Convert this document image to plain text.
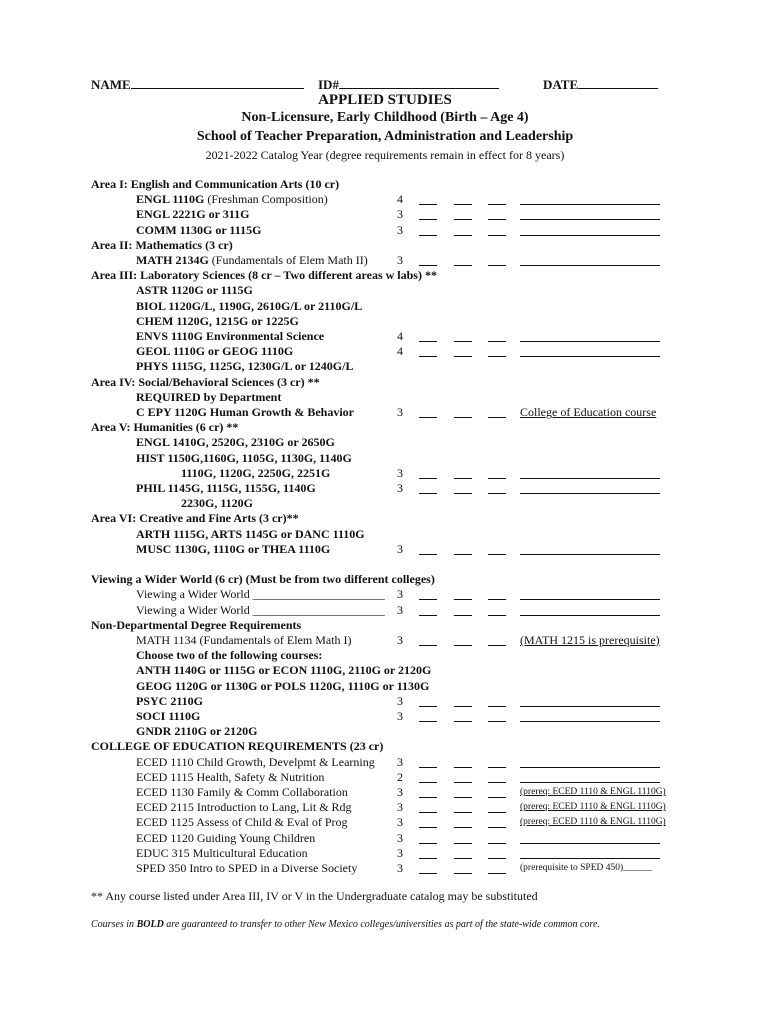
NAME	ID#	DATE
APPLIED STUDIES
Non-Licensure, Early Childhood (Birth – Age 4)
School of Teacher Preparation, Administration and Leadership
2021-2022 Catalog Year (degree requirements remain in effect for 8 years)
Area I: English and Communication Arts (10 cr)
ENGL 1110G (Freshman Composition)	4
ENGL 2221G or 311G	3
COMM 1130G or 1115G	3
Area II: Mathematics (3 cr)
MATH 2134G (Fundamentals of Elem Math II) 3
Area III: Laboratory Sciences (8 cr – Two different areas w labs) **
ASTR 1120G or 1115G
BIOL 1120G/L, 1190G, 2610G/L or 2110G/L
CHEM 1120G, 1215G or 1225G
ENVS 1110G Environmental Science	4
GEOL 1110G or GEOG 1110G	4
PHYS 1115G, 1125G, 1230G/L or 1240G/L
Area IV: Social/Behavioral Sciences (3 cr) **
REQUIRED by Department
C EPY 1120G Human Growth & Behavior	3	College of Education course
Area V: Humanities (6 cr) **
ENGL 1410G, 2520G, 2310G or 2650G
HIST 1150G,1160G, 1105G, 1130G, 1140G
1110G, 1120G, 2250G, 2251G	3
PHIL 1145G, 1115G, 1155G, 1140G	3
2230G, 1120G
Area VI: Creative and Fine Arts (3 cr)**
ARTH 1115G, ARTS 1145G or DANC 1110G
MUSC 1130G, 1110G or THEA 1110G	3
Viewing a Wider World (6 cr) (Must be from two different colleges)
Viewing a Wider World ______________________ 3
Viewing a Wider World ______________________ 3
Non-Departmental Degree Requirements
MATH 1134 (Fundamentals of Elem Math I)	3	(MATH 1215 is prerequisite)
Choose two of the following courses:
ANTH 1140G or 1115G or ECON 1110G, 2110G or 2120G
GEOG 1120G or 1130G or POLS 1120G, 1110G or 1130G
PSYC 2110G	3
SOCI 1110G	3
GNDR 2110G or 2120G
COLLEGE OF EDUCATION REQUIREMENTS (23 cr)
ECED 1110 Child Growth, Develpmt & Learning 3
ECED 1115 Health, Safety & Nutrition	2
ECED 1130 Family & Comm Collaboration	3	(prereq: ECED 1110 & ENGL 1110G)
ECED 2115 Introduction to Lang, Lit & Rdg	3	(prereq: ECED 1110 & ENGL 1110G)
ECED 1125 Assess of Child & Eval of Prog	3	(prereq: ECED 1110 & ENGL 1110G)
ECED 1120 Guiding Young Children	3
EDUC 315 Multicultural Education	3
SPED 350 Intro to SPED in a Diverse Society	3	(prerequisite to SPED 450)______
** Any course listed under Area III, IV or V in the Undergraduate catalog may be substituted
Courses in BOLD are guaranteed to transfer to other New Mexico colleges/universities as part of the state-wide common core.
